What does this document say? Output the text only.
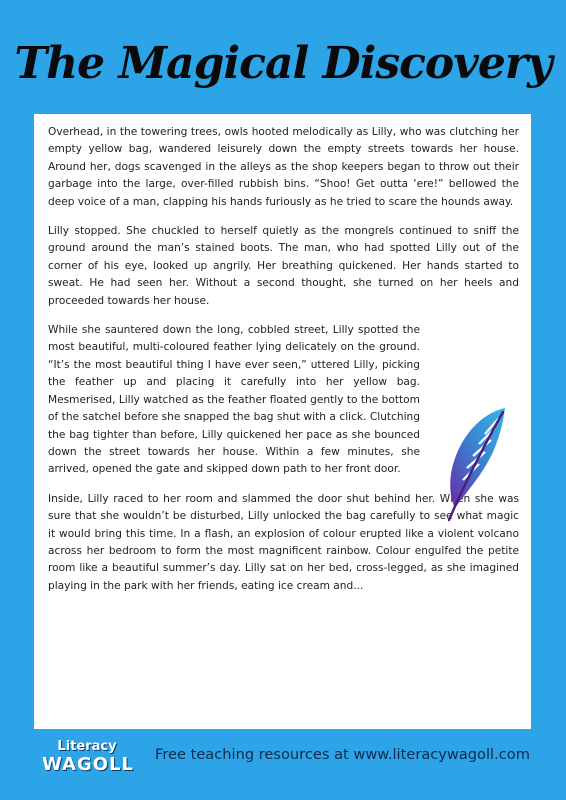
The Magical Discovery

Overhead, in the towering trees, owls hooted melodically as Lilly, who was clutching her empty yellow bag, wandered leisurely down the empty streets towards her house. Around her, dogs scavenged in the alleys as the shop keepers began to throw out their garbage into the large, over-filled rubbish bins. “Shoo! Get outta ‘ere!” bellowed the deep voice of a man, clapping his hands furiously as he tried to scare the hounds away.

Lilly stopped. She chuckled to herself quietly as the mongrels continued to sniff the ground around the man’s stained boots. The man, who had spotted Lilly out of the corner of his eye, looked up angrily. Her breathing quickened. Her hands started to sweat. He had seen her. Without a second thought, she turned on her heels and proceeded towards her house.

While she sauntered down the long, cobbled street, Lilly spotted the most beautiful, multi-coloured feather lying delicately on the ground. “It’s the most beautiful thing I have ever seen,” uttered Lilly, picking the feather up and placing it carefully into her yellow bag. Mesmerised, Lilly watched as the feather floated gently to the bottom of the satchel before she snapped the bag shut with a click. Clutching the bag tighter than before, Lilly quickened her pace as she bounced down the street towards her house. Within a few minutes, she arrived, opened the gate and skipped down path to her front door.

Inside, Lilly raced to her room and slammed the door shut behind her. When she was sure that she wouldn’t be disturbed, Lilly unlocked the bag carefully to see what magic it would bring this time. In a flash, an explosion of colour erupted like a violent volcano across her bedroom to form the most magnificent rainbow. Colour engulfed the petite room like a beautiful summer’s day. Lilly sat on her bed, cross-legged, as she imagined playing in the park with her friends, eating ice cream and...

Literacy
WAGOLL Free teaching resources at www.literacywagoll.com
